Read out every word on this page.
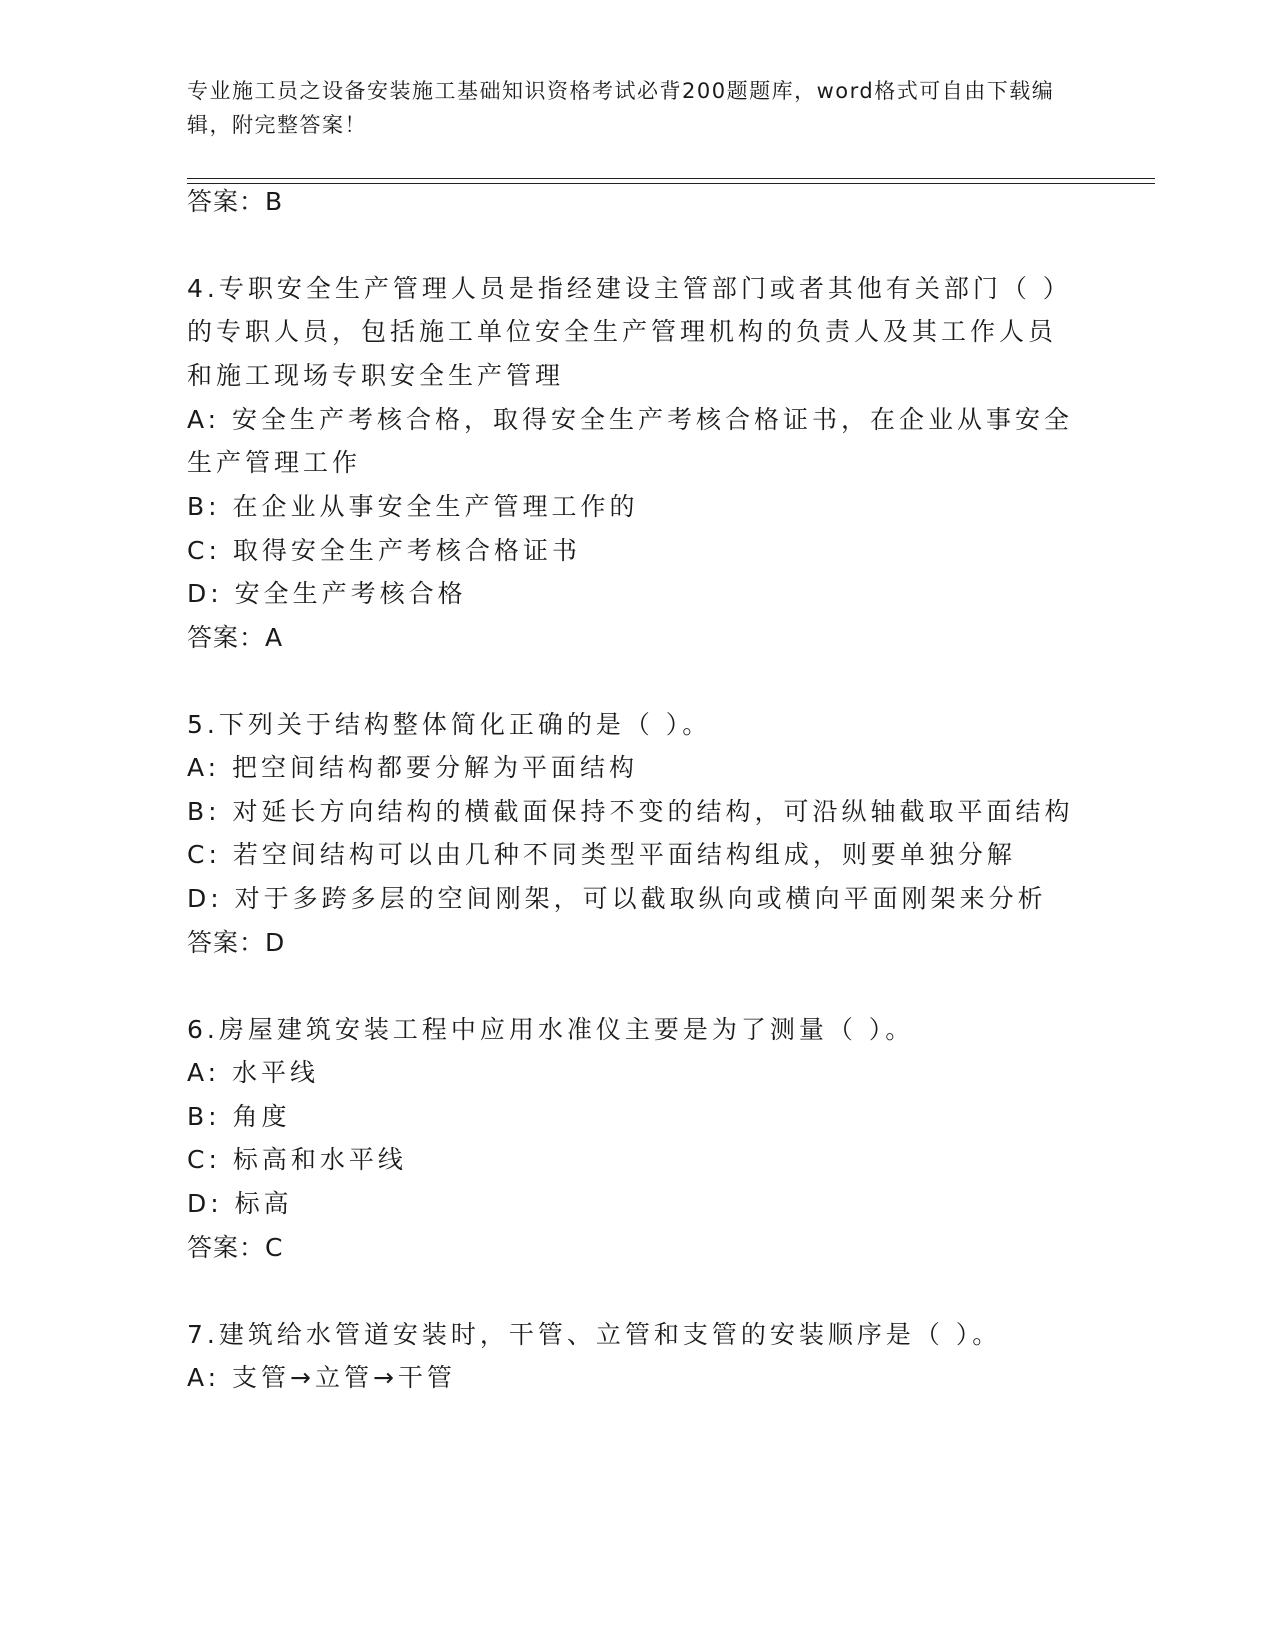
专业施工员之设备安装施工基础知识资格考试必背200题题库，word格式可自由下载编辑，附完整答案！
答案：B
4.专职安全生产管理人员是指经建设主管部门或者其他有关部门（ ）
的专职人员，包括施工单位安全生产管理机构的负责人及其工作人员
和施工现场专职安全生产管理
A: 安全生产考核合格，取得安全生产考核合格证书，在企业从事安全
生产管理工作
B: 在企业从事安全生产管理工作的
C: 取得安全生产考核合格证书
D: 安全生产考核合格
答案：A
5.下列关于结构整体简化正确的是（ ）。
A: 把空间结构都要分解为平面结构
B: 对延长方向结构的横截面保持不变的结构，可沿纵轴截取平面结构
C: 若空间结构可以由几种不同类型平面结构组成，则要单独分解
D: 对于多跨多层的空间刚架，可以截取纵向或横向平面刚架来分析
答案：D
6.房屋建筑安装工程中应用水准仪主要是为了测量（ ）。
A: 水平线
B: 角度
C: 标高和水平线
D: 标高
答案：C
7.建筑给水管道安装时，干管、立管和支管的安装顺序是（ ）。
A: 支管→立管→干管
